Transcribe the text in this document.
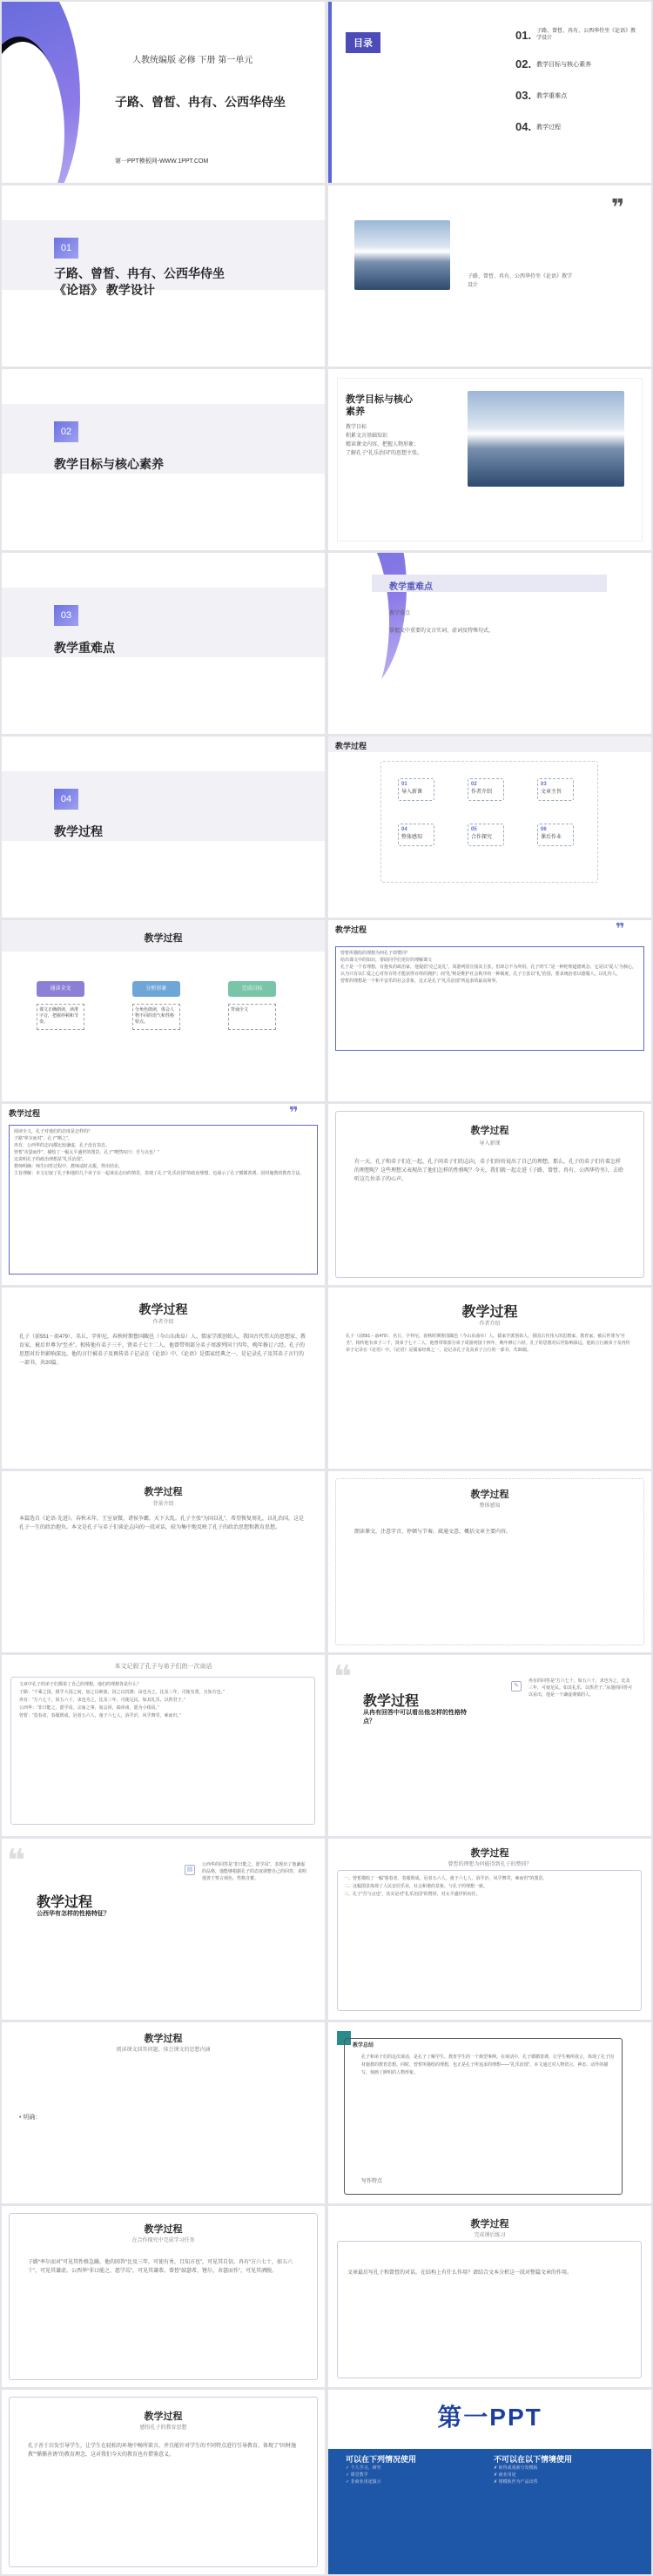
人教统编版 必修 下册 第一单元
子路、曾皙、冉有、公西华侍坐
第一PPT模板网-WWW.1PPT.COM
目录
01. 子路、曾皙、冉有、公西华侍坐《论语》教学设计
02. 教学目标与核心素养
03. 教学重难点
04. 教学过程
01
子路、曾皙、冉有、公西华侍坐《论语》 教学设计
❞
子路、曾皙、冉有、公西华侍坐《论语》教学设计
02
教学目标与核心素养
教学目标与核心素养
教学目标
积累文言基础知识
精读课文内容，把握人物形象；
了解孔子“礼乐治国”的思想主张。
03
教学重难点
教学重难点
教学重点
掌握文中重要的文言实词、虚词及特殊句式。
04
教学过程
教学过程
01
导入新课
02
作者介绍
03
文章主旨
04
整体感知
05
合作探究
06
课后作业
教学过程
通读全文	分析形象	完成目标
课文正确朗读，读准字音，把握停顿和节奏。
分角色朗读，体会人物不同的语气和性格特点。
背诵全文
教学过程	❞
曾皙所描绘的理想为何孔子却赞同？
给出课文中的知识，帮助同学们更好的理解课文
孔子是一个有理想，有抱负的政治家，他提倡“克己复礼”，周游列国宣扬其主张，但却总不为所用。孔子的“仁”是一种伦理道德观念，它是以“爱人”为核心，认为只有以仁爱之心对待百姓才能获得百姓的拥护；而“礼”则是维护社会秩序的一种制度，孔子主张以“礼”治国，要求统治者以德服人，以礼待人。
曾皙的理想是一个和平安乐的社会景象，这正是孔子“礼乐治国”所追求的最高境界。
教学过程	❞
阅读全文，孔子对他们的态度是怎样的？
子路“率尔而对”，孔子“哂之”。
冉有、公西华的志向都比较谦虚，孔子没有表态。
曾皙“舍瑟而作”，描绘了一幅太平盛世的图景，孔子“喟然叹曰：吾与点也！”
这说明孔子的政治理想是“礼乐治国”。
教师明确：师生问答过程中，教师适时点拨，得出结论。
主旨理解：本文记叙了孔子和他的几个弟子在一起谈论志向的情景，表现了孔子“礼乐治国”的政治理想，也展示了孔子循循善诱、因材施教的教育方法。
教学过程
导入新课
有一天，孔子和弟子们在一起，孔子问弟子们的志向，弟子们纷纷说出了自己的理想。那么，孔子的弟子们有着怎样的理想呢？这些理想又表现出了他们怎样的性格呢？今天，我们就一起走进《子路、曾皙、冉有、公西华侍坐》，去聆听这几位弟子的心声。
教学过程
作者介绍
孔子（前551－前479），名丘，字仲尼，春秋时期鲁国陬邑（今山东曲阜）人。儒家学派创始人，我国古代伟大的思想家、教育家，被后世尊为“至圣”。相传他有弟子三千，贤弟子七十二人。他曾带领部分弟子周游列国十四年，晚年修订六经。孔子的思想对后世影响深远。他的言行被弟子及再传弟子记录在《论语》中。《论语》是儒家经典之一，是记录孔子及其弟子言行的一部书，共20篇。
教学过程
作者介绍
孔子（前551－前479），名丘，字仲尼，春秋时期鲁国陬邑（今山东曲阜）人。儒家学派创始人，我国古代伟大的思想家、教育家，被后世尊为“至圣”。相传他有弟子三千，贤弟子七十二人。他曾带领部分弟子周游列国十四年，晚年修订六经。孔子的思想对后世影响深远。他的言行被弟子及再传弟子记录在《论语》中。《论语》是儒家经典之一，是记录孔子及其弟子言行的一部书，共20篇。
教学过程
背景介绍
本篇选自《论语·先进》。春秋末年，王室衰微，诸侯争霸，天下大乱。孔子主张“为国以礼”，希望恢复周礼，以礼治国，这是孔子一生的政治抱负。本文是孔子与弟子们谈论志向的一段对话，较为集中地反映了孔子的政治思想和教育思想。
教学过程
整体感知
朗读课文，注意字音、停顿与节奏，疏通文意，概括文章主要内容。
本文记叙了孔子与弟子们的一次谈话
文章中孔子的弟子们都说了自己的理想，他们的理想各是什么？
子路：“千乘之国，摄乎大国之间，加之以师旅，因之以饥馑；由也为之，比及三年，可使有勇，且知方也。”
冉有：“方六七十，如五六十，求也为之，比及三年，可使足民。如其礼乐，以俟君子。”
公西华：“非曰能之，愿学焉。宗庙之事，如会同，端章甫，愿为小相焉。”
曾皙：“莫春者，春服既成，冠者五六人，童子六七人，浴乎沂，风乎舞雩，咏而归。”
❝
教学过程
从冉有回答中可以看出他怎样的性格特点？
✎
冉有的回答是“方六七十，如五六十，求也为之，比及三年，可使足民。如其礼乐，以俟君子。”从他的回答可以看出，他是一个谦虚谨慎的人。
❝
教学过程
公西华有怎样的性格特征？
▤
公西华的回答是“非曰能之，愿学焉”。表现出了他谦虚的品格，他能够根据孔子的态度调整自己的回答，说明他善于察言观色，性格含蓄。
教学过程
曾皙的理想为何能得到孔子的赞同？
一、曾皙描绘了一幅“暮春者，春服既成，冠者五六人，童子六七人，浴乎沂，风乎舞雩，咏而归”的图景。
二、这幅图景体现了人民安居乐业，社会和谐的景象，与孔子的理想一致。
三、孔子“吾与点也”，其实是对“礼乐治国”的赞同，对太平盛世的向往。
教学过程
阅读课文回答问题，体会课文的思想内涵
• 明确：
教学总结
孔子和弟子们的这次谈话，是孔子了解学生、教育学生的一个典型事例。在谈话中，孔子循循善诱，让学生畅所欲言，体现了孔子因材施教的教育思想。同时，曾皙所描绘的理想，也正是孔子所追求的理想——“礼乐治国”。本文通过对人物语言、神态、动作的描写，刻画了鲜明的人物形象。
写作特点
教学过程
在合作探究中完成学习任务
子路“率尔而对”可见其性格急躁，他的回答“比及三年，可使有勇，且知方也”，可见其自信。冉有“方六七十，如五六十”，可见其谦虚。公西华“非曰能之，愿学焉”，可见其谦恭。曾皙“鼓瑟希，铿尔，舍瑟而作”，可见其洒脱。
教学过程
完成课后练习
文章最后写孔子和曾皙的对话，在结构上有什么作用？请结合文本分析这一段对整篇文章的作用。
教学过程
感悟孔子的教育思想
孔子善于启发引导学生，让学生在轻松的环境中畅所欲言，并且能针对学生的不同特点进行引导教育，体现了“因材施教”“循循善诱”的教育理念，这对我们今天的教育也有借鉴意义。
第一PPT
可以在下列情况使用
✓ 个人学习、研究
✓ 课堂教学
✓ 非商业用途演示
不可以在以下情境使用
✗ 转售或重新分发模板
✗ 商业用途
✗ 将模板作为产品出售
